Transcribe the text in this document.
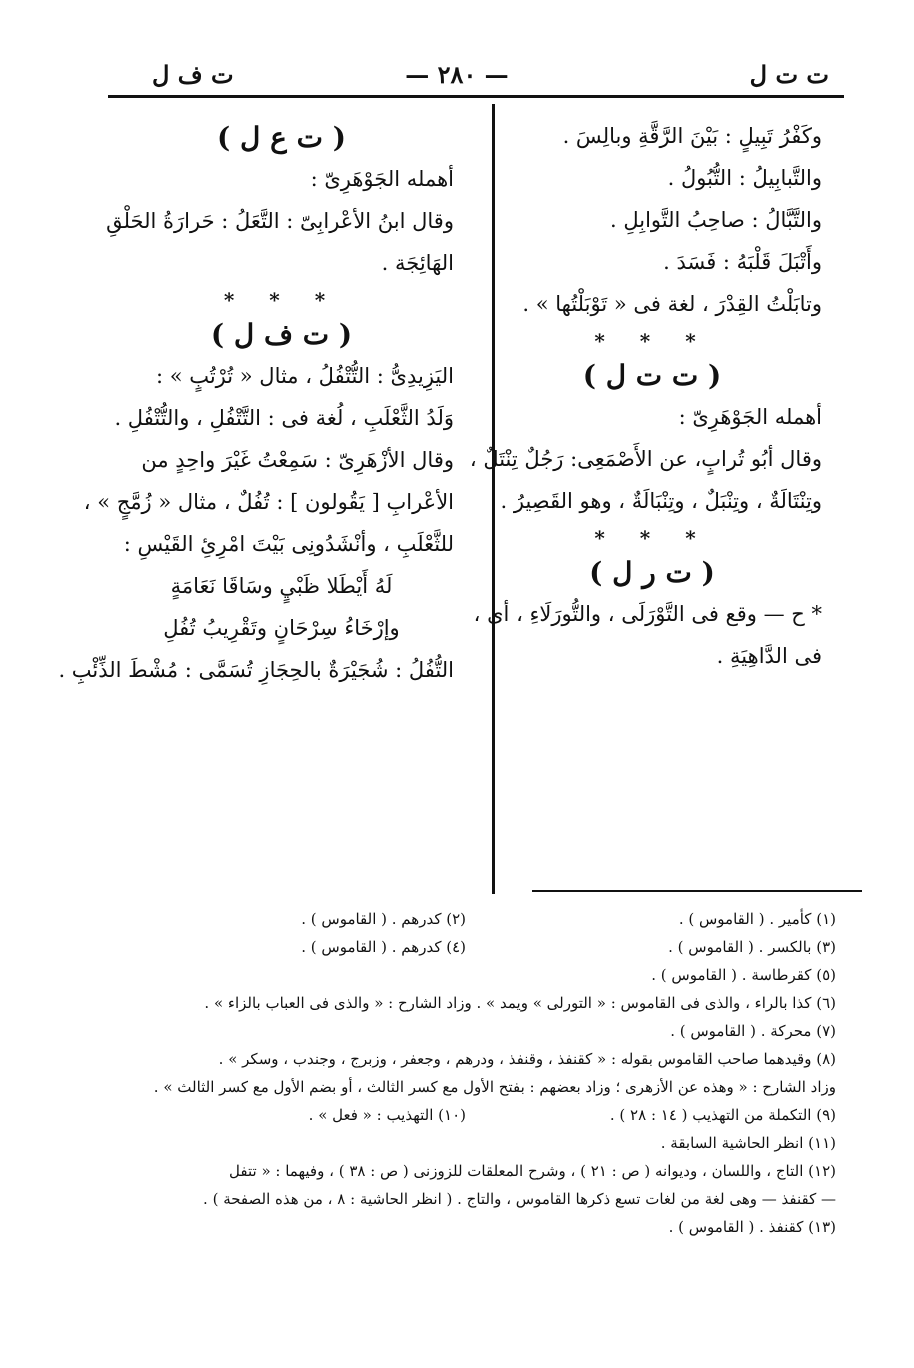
ت ت ل
— ٢٨٠ —
ت ف ل
وكَفْرُ تَبِيلٍ : بَيْنَ الرَّقَّةِ وبالِسَ .
والتَّبابِيلُ : التُّبُولُ .
والتَّبَّالُ : صاحِبُ التَّوابِلِ .
وأَتْبَلَ قَلْبَهُ : فَسَدَ .
وتابَلْتُ القِدْرَ ، لغة فى « تَوْبَلْتُها » .
* * *
( ت ت ل )
أهمله الجَوْهَرِىّ :
وقال أبُو تُرابٍ، عن الأَصْمَعِى: رَجُلٌ تِنْتَلٌ ،
وتِنْتَالَةٌ ، وتِنْبَلٌ ، وتِنْبَالَةٌ ، وهو القَصِيرُ .
* * *
( ت ر ل )
* ح — وقع فى التَّوْرَلَى ، والتُّورَلَاءِ ، أى ،
فى الدَّاهِيَةِ .
( ت ع ل )
أهمله الجَوْهَرِىّ :
وقال ابنُ الأعْرابِىّ : التَّعَلُ : حَرارَةُ الحَلْقِ
الهَائِجَة .
* * *
( ت ف ل )
اليَزِيدِىُّ : التُّتْفُلُ ، مثال « تُرْتُبٍ » :
وَلَدُ الثَّعْلَبِ ، لُغة فى : التَّتْفُلِ ، والتُّتْفُلِ .
وقال الأزْهَرِىّ : سَمِعْتُ غَيْرَ واحِدٍ من
الأعْرابِ [ يَقُولون ] : تُفُلٌ ، مثال « زُمَّجٍ » ،
للثَّعْلَبِ ، وأنْشَدُونِى بَيْتَ امْرِئِ القَيْسِ :
لَهُ أَيْطَلا ظَبْيٍ وسَاقَا نَعَامَةٍ
وإرْخَاءُ سِرْحَانٍ وتَقْرِيبُ تُفُلِ
التُّفُلُ : شُجَيْرَةٌ بالحِجَازِ تُسَمَّى : مُشْطَ الذِّئْبِ .
(١) كأمير . ( القاموس ) .
(٢) كدرهم . ( القاموس ) .
(٣) بالكسر . ( القاموس ) .
(٤) كدرهم . ( القاموس ) .
(٥) كقرطاسة . ( القاموس ) .
(٦) كذا بالراء ، والذى فى القاموس : « التورلى » ويمد » . وزاد الشارح : « والذى فى العباب بالزاء » .
(٧) محركة . ( القاموس ) .
(٨) وقيدهما صاحب القاموس بقوله : « كقنفذ ، وقنفذ ، ودرهم ، وجعفر ، وزبرج ، وجندب ، وسكر » .
وزاد الشارح : « وهذه عن الأزهرى ؛ وزاد بعضهم : بفتح الأول مع كسر الثالث ، أو بضم الأول مع كسر الثالث » .
(٩) التكملة من التهذيب ( ١٤ : ٢٨ ) .
(١٠) التهذيب : « فعل » .
(١١) انظر الحاشية السابقة .
(١٢) التاج ، واللسان ، وديوانه ( ص : ٢١ ) ، وشرح المعلقات للزوزنى ( ص : ٣٨ ) ، وفيهما : « تتفل
— كقنفذ — وهى لغة من لغات تسع ذكرها القاموس ، والتاج . ( انظر الحاشية : ٨ ، من هذه الصفحة ) .
(١٣) كقنفذ . ( القاموس ) .
